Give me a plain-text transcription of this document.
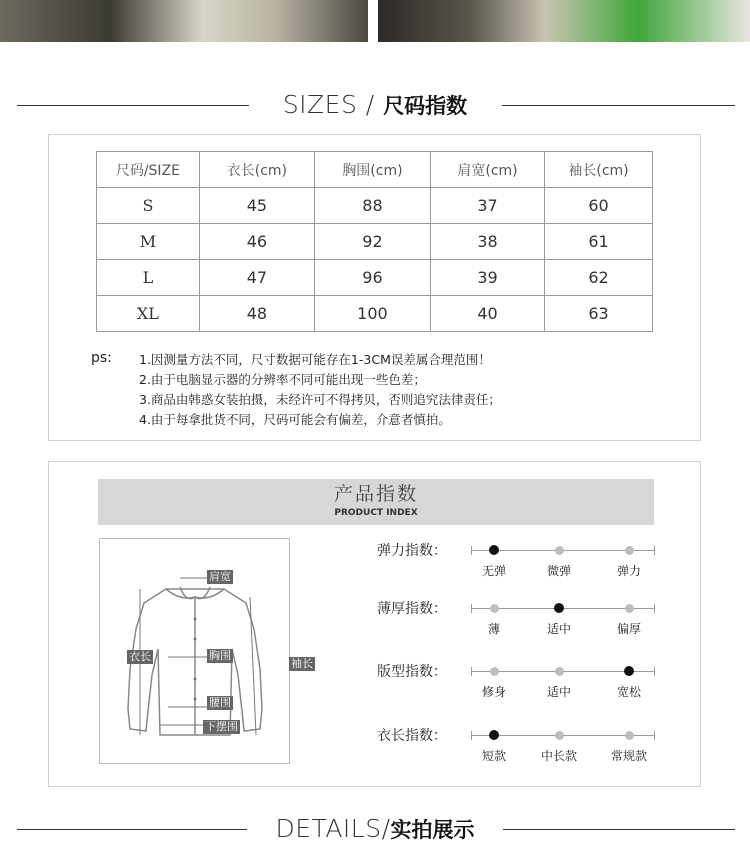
SIZES / 尺码指数
尺码/SIZE	衣长(cm)	胸围(cm)	肩宽(cm)	袖长(cm)
S	45	88	37	60
M	46	92	38	61
L	47	96	39	62
XL	48	100	40	63
ps: 1.因测量方法不同，尺寸数据可能存在1-3CM误差属合理范围！
2.由于电脑显示器的分辨率不同可能出现一些色差；
3.商品由韩惑女装拍摄，未经许可不得拷贝，否则追究法律责任；
4.由于每拿批货不同，尺码可能会有偏差，介意者慎拍。
产品指数
PRODUCT INDEX
肩宽
衣长	胸围
袖长
腰围
下摆围
弹力指数：
无弹	微弹	弹力
薄厚指数：
薄	适中	偏厚
版型指数：
修身	适中	宽松
衣长指数：
短款	中长款	常规款
DETAILS/实拍展示
